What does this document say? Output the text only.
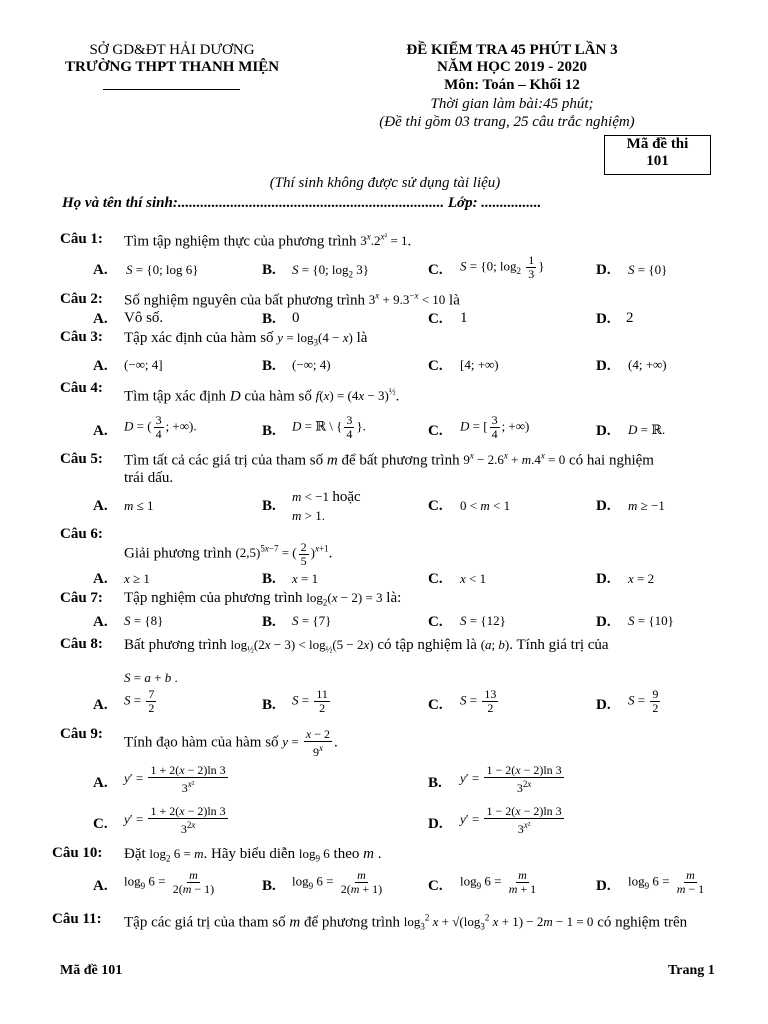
SỞ GD&ĐT HẢI DƯƠNG
TRƯỜNG THPT THANH MIỆN
ĐỀ KIỂM TRA 45 PHÚT LẦN 3
NĂM HỌC 2019 - 2020
Môn: Toán – Khối 12
Thời gian làm bài:45 phút;
(Đề thi gồm 03 trang, 25 câu trắc nghiệm)
Mã đề thi
101
(Thí sinh không được sử dụng tài liệu)
Họ và tên thí sinh:....................................................................... Lớp: ................
Câu 1: Tìm tập nghiệm thực của phương trình $3^x.2^{x^2} = 1$.
A. S = {0; log 6}	B. S = {0; $\log_2 3$}	C. S = {0; $\log_2 \frac{1}{3}$ }	D. S = {0}
Câu 2: Số nghiệm nguyên của bất phương trình $3^x + 9.3^{-x} < 10$ là
A. Vô số.	B. 0	C. 1	D. 2
Câu 3: Tập xác định của hàm số $y = \log_3(4 - x)$ là
A. (−∞; 4]	B. (−∞; 4)	C. [4; +∞)	D. (4; +∞)
Câu 4:
Tìm tập xác định D của hàm số $f(x) = (4x - 3)^{\frac{1}{2}}$.
A. D = ( $\frac{3}{4}$ ; +∞).	B. D = ℝ \ { $\frac{3}{4}$ }.	C. D = [ $\frac{3}{4}$ ; +∞)	D. D = ℝ.
Câu 5: Tìm tất cả các giá trị của tham số m để bất phương trình $9^x - 2.6^x + m.4^x = 0$ có hai nghiệm
trái dấu.
A. m ≤ 1	B.
m < −1 hoặc
m > 1.
C. 0 < m < 1	D. m ≥ −1
Câu 6:
Giải phương trình $(2,5)^{5x-7}$ = ( $\frac{2}{5} )^{x+1}$.
A. x ≥ 1	B. x = 1	C. x < 1	D. x = 2
Câu 7: Tập nghiệm của phương trình $\log_2(x - 2) = 3$ là:
A. S = {8}	B. S = {7}	C. S = {12}	D. S = {10}
Câu 8: Bất phương trình $\log_{\frac{1}{2}}(2x - 3) < \log_{\frac{1}{2}}(5 - 2x)$ có tập nghiệm là (a; b). Tính giá trị của
S = a + b .
A. $S = \frac{7}{2}$	B. $S = \frac{11}{2}$	C. $S = \frac{13}{2}$	D. $S = \frac{9}{2}$
Câu 9:
Tính đạo hàm của hàm số $y = \frac{x - 2}{9^x}$ .
A. $y' = \frac{1 + 2(x - 2)\ln 3}{3^{x^2}}$	B. $y' = \frac{1 - 2(x - 2)\ln 3}{3^{2x}}$
C. $y' = \frac{1 + 2(x - 2)\ln 3}{3^{2x}}$	D. $y' = \frac{1 - 2(x - 2)\ln 3}{3^{x^2}}$
Câu 10: Đặt $\log_2 6 = m$. Hãy biểu diễn $\log_9 6$ theo m .
A. $\log_9 6 = \frac{m}{2(m - 1)}$	B. $\log_9 6 = \frac{m}{2(m + 1)}$	C. $\log_9 6 = \frac{m}{m + 1}$	D. $\log_9 6 = \frac{m}{m - 1}$
Câu 11: Tập các giá trị của tham số m để phương trình $\log_3^2 x + √(\log_3^2$ x + 1) − 2m − 1 = 0 có nghiệm trên
Mã đề 101	Trang 1
